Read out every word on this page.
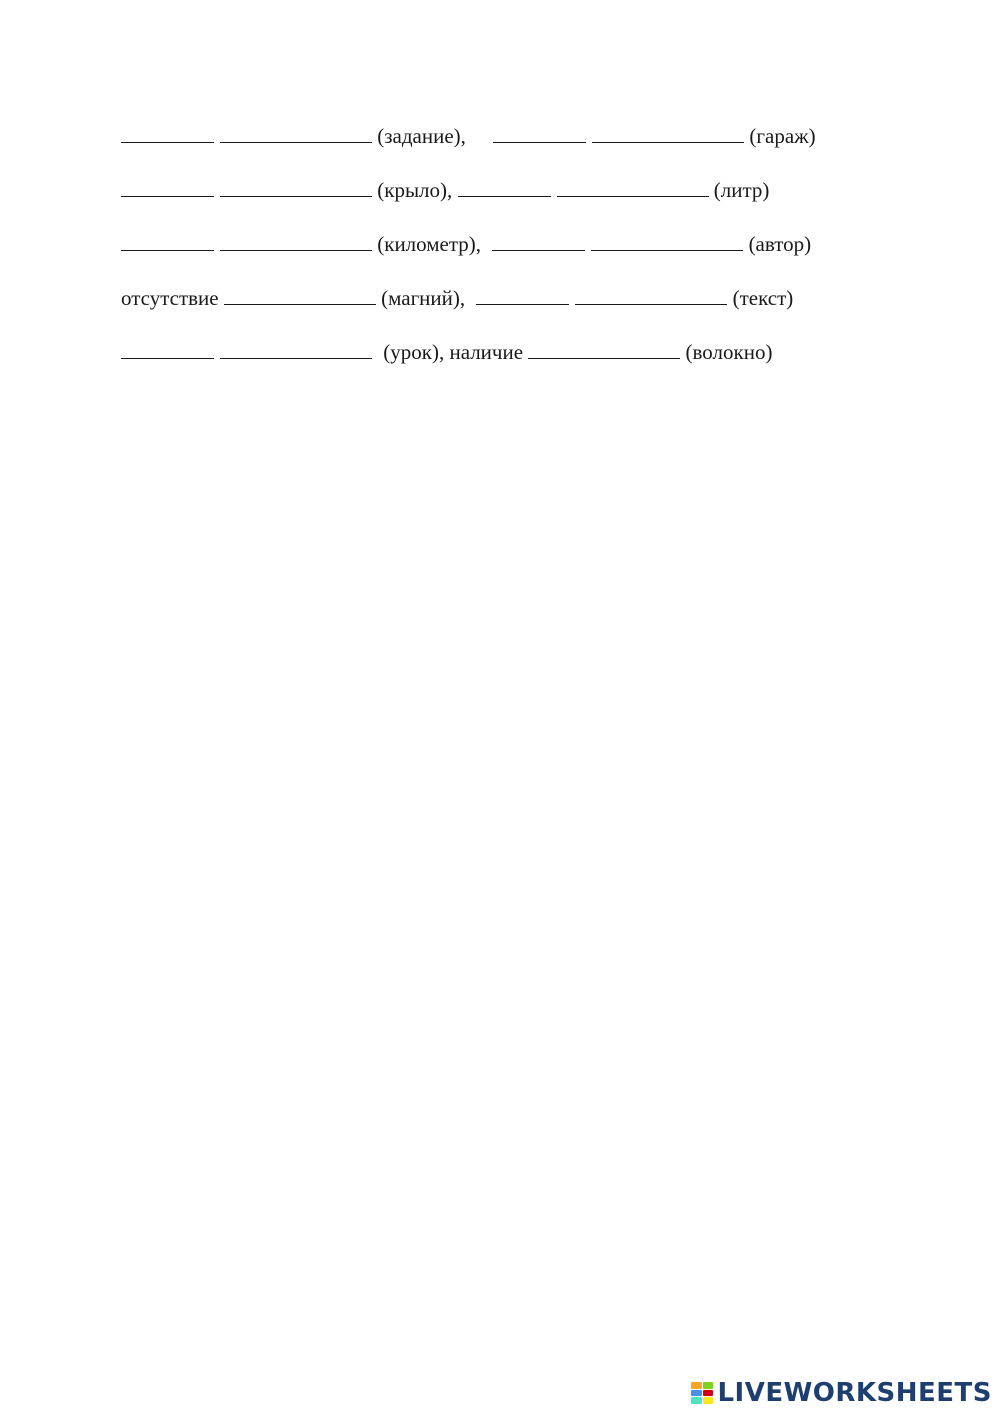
(задание),	(гараж)
(крыло),	(литр)
(километр),	(автор)
отсутствие	(магний),	(текст)
(урок), наличие	(волокно)
LIVEWORKSHEETS
